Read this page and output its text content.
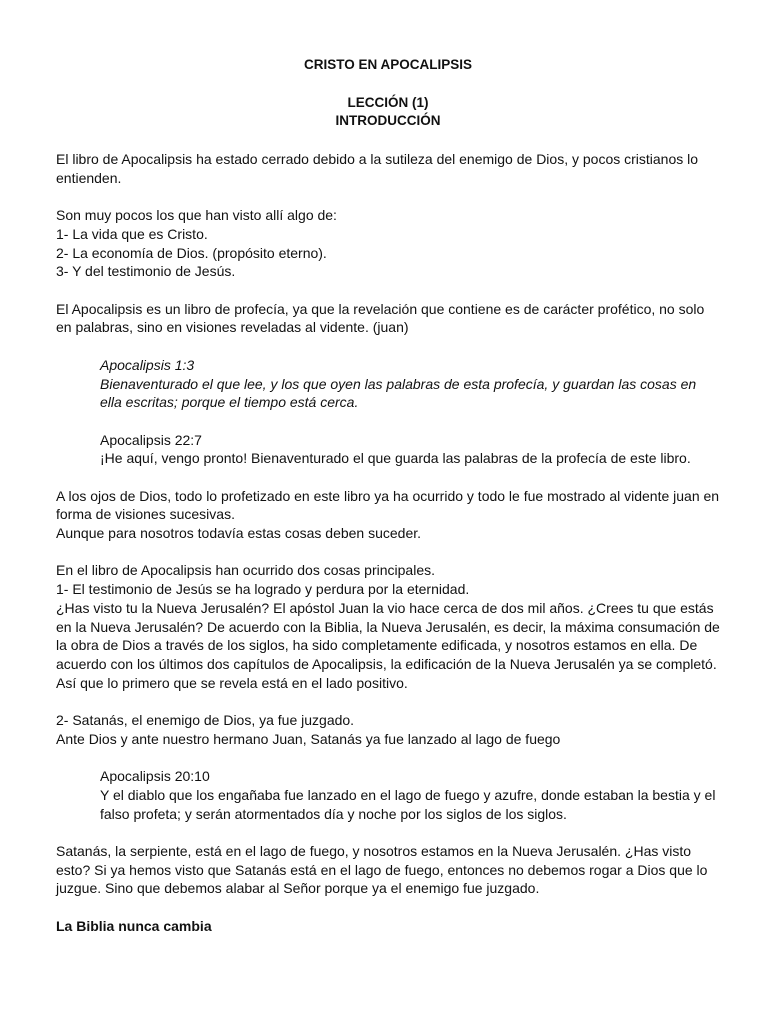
CRISTO EN APOCALIPSIS
LECCIÓN (1)
INTRODUCCIÓN

El libro de Apocalipsis ha estado cerrado debido a la sutileza del enemigo de Dios, y pocos cristianos lo entienden.

Son muy pocos los que han visto allí algo de:
1- La vida que es Cristo.
2- La economía de Dios. (propósito eterno).
3- Y del testimonio de Jesús.

El Apocalipsis es un libro de profecía, ya que la revelación que contiene es de carácter profético, no solo en palabras, sino en visiones reveladas al vidente. (juan)

Apocalipsis 1:3
Bienaventurado el que lee, y los que oyen las palabras de esta profecía, y guardan las cosas en ella escritas; porque el tiempo está cerca.
Apocalipsis 22:7
¡He aquí, vengo pronto! Bienaventurado el que guarda las palabras de la profecía de este libro.

A los ojos de Dios, todo lo profetizado en este libro ya ha ocurrido y todo le fue mostrado al vidente juan en forma de visiones sucesivas.
Aunque para nosotros todavía estas cosas deben suceder.

En el libro de Apocalipsis han ocurrido dos cosas principales.
1- El testimonio de Jesús se ha logrado y perdura por la eternidad.
¿Has visto tu la Nueva Jerusalén? El apóstol Juan la vio hace cerca de dos mil años. ¿Crees tu que estás en la Nueva Jerusalén? De acuerdo con la Biblia, la Nueva Jerusalén, es decir, la máxima consumación de la obra de Dios a través de los siglos, ha sido completamente edificada, y nosotros estamos en ella. De acuerdo con los últimos dos capítulos de Apocalipsis, la edificación de la Nueva Jerusalén ya se completó. Así que lo primero que se revela está en el lado positivo.

2- Satanás, el enemigo de Dios, ya fue juzgado.
Ante Dios y ante nuestro hermano Juan, Satanás ya fue lanzado al lago de fuego

Apocalipsis 20:10
Y el diablo que los engañaba fue lanzado en el lago de fuego y azufre, donde estaban la bestia y el falso profeta; y serán atormentados día y noche por los siglos de los siglos.

Satanás, la serpiente, está en el lago de fuego, y nosotros estamos en la Nueva Jerusalén. ¿Has visto esto? Si ya hemos visto que Satanás está en el lago de fuego, entonces no debemos rogar a Dios que lo juzgue. Sino que debemos alabar al Señor porque ya el enemigo fue juzgado.

La Biblia nunca cambia
